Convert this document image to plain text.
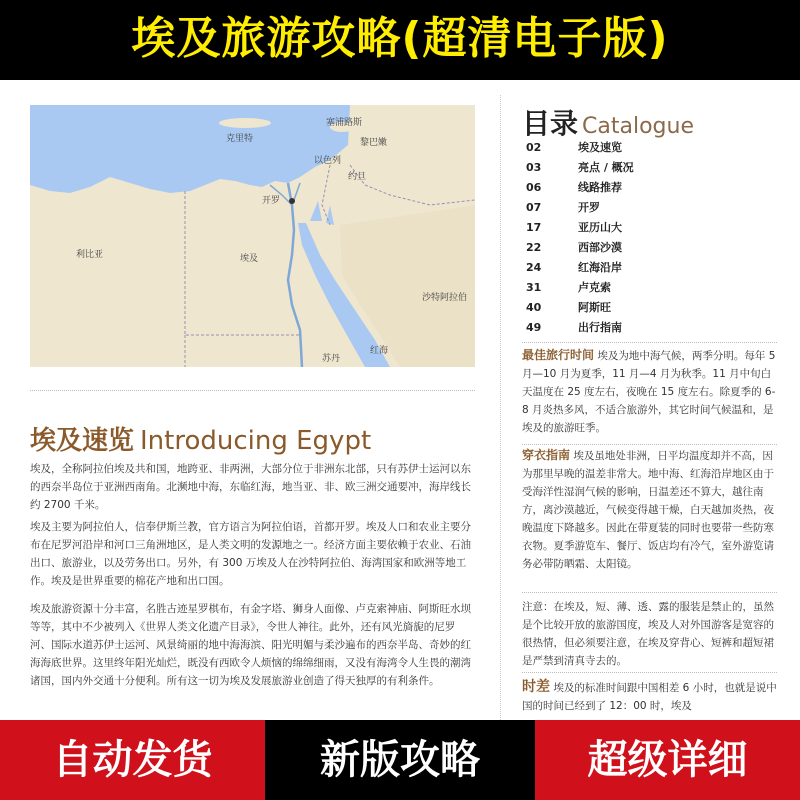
埃及旅游攻略(超清电子版)
利比亚	埃及
沙特阿拉伯
开罗
以色列
约旦
黎巴嫩
塞浦路斯
克里特
苏丹
红海
埃及速览 Introducing Egypt

埃及，全称阿拉伯埃及共和国，地跨亚、非两洲，大部分位于非洲东北部，只有苏伊士运河以东的西奈半岛位于亚洲西南角。北濒地中海，东临红海，地当亚、非、欧三洲交通要冲，海岸线长约 2700 千米。

埃及主要为阿拉伯人，信奉伊斯兰教，官方语言为阿拉伯语，首都开罗。埃及人口和农业主要分布在尼罗河沿岸和河口三角洲地区，是人类文明的发源地之一。经济方面主要依赖于农业、石油出口、旅游业，以及劳务出口。另外，有 300 万埃及人在沙特阿拉伯、海湾国家和欧洲等地工作。埃及是世界重要的棉花产地和出口国。

埃及旅游资源十分丰富，名胜古迹星罗棋布，有金字塔、狮身人面像、卢克索神庙、阿斯旺水坝等等，其中不少被列入《世界人类文化遗产目录》，令世人神往。此外，还有风光旖旎的尼罗河、国际水道苏伊士运河、风景绮丽的地中海海滨、阳光明媚与柔沙遍布的西奈半岛、奇妙的红海海底世界。这里终年阳光灿烂，既没有西欧令人烦恼的绵绵细雨，又没有海湾令人生畏的潮湾诸国，国内外交通十分便利。所有这一切为埃及发展旅游业创造了得天独厚的有利条件。

目录 Catalogue
02	埃及速览
03	亮点 / 概况
06	线路推荐
07	开罗
17	亚历山大
22	西部沙漠
24	红海沿岸
31	卢克索
40	阿斯旺
49	出行指南

最佳旅行时间 埃及为地中海气候，两季分明。每年 5 月—10 月为夏季，11 月—4 月为秋季。11 月中旬白天温度在 25 度左右，夜晚在 15 度左右。除夏季的 6-8 月炎热多风，不适合旅游外，其它时间气候温和，是埃及的旅游旺季。

穿衣指南 埃及虽地处非洲，日平均温度却并不高，因为那里早晚的温差非常大。地中海、红海沿岸地区由于受海洋性湿润气候的影响，日温差还不算大，越往南方，离沙漠越近，气候变得越干燥，白天越加炎热，夜晚温度下降越多。因此在带夏装的同时也要带一些防寒衣物。夏季游览车、餐厅、饭店均有冷气，室外游览请务必带防晒霜、太阳镜。

注意：在埃及，短、薄、透、露的服装是禁止的，虽然是个比较开放的旅游国度，埃及人对外国游客是宽容的很热情，但必须要注意，在埃及穿背心、短裤和超短裙是严禁到清真寺去的。

时差 埃及的标准时间跟中国相差 6 小时，也就是说中国的时间已经到了 12：00 时，埃及

自动发货	新版攻略	超级详细
